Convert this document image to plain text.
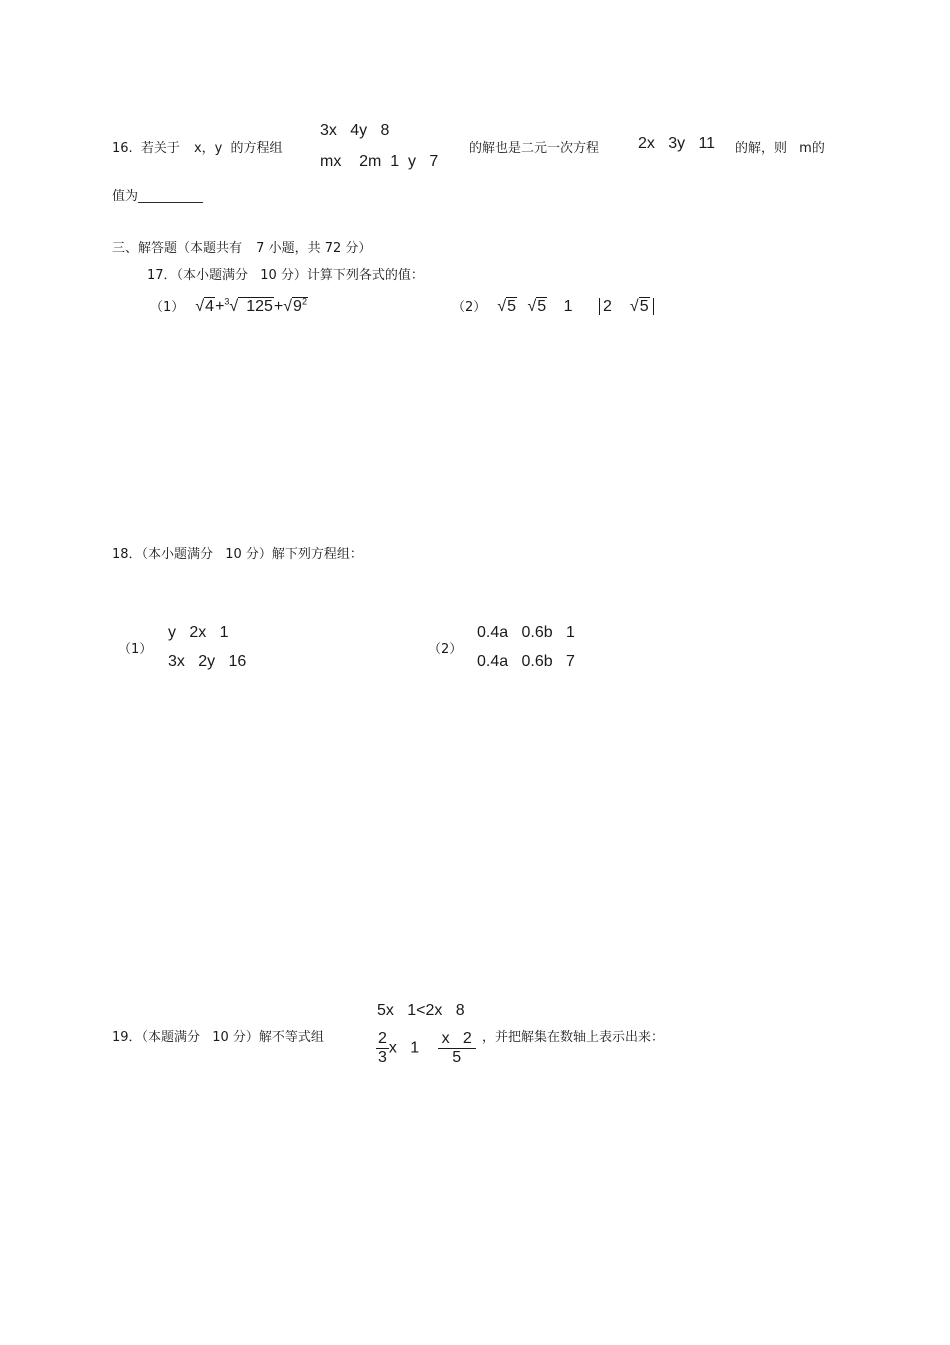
16. 若关于 x，y 的方程组
3x   4y   8
mx    2m  1  y   7
的解也是二元一次方程 2x   3y   11 的解，则 m的
值为__________
三、解答题（本题共有 7 小题，共 72 分）
17．（本小题满分 10 分）计算下列各式的值：
（1） √4+$^3$√ $125+√9^2$	（2） √5 √5 1 2 √5
18．（本小题满分 10 分）解下列方程组：
（1）
y   2x   1
3x   2y   16
（2）
0.4a   0.6b   1
0.4a   0.6b   7
19．（本题满分 10 分）解不等式组
5x   1<2x   8
$\frac{2}{3}$ x   $1 \frac{x 2}{5}$ ，并把解集在数轴上表示出来：
